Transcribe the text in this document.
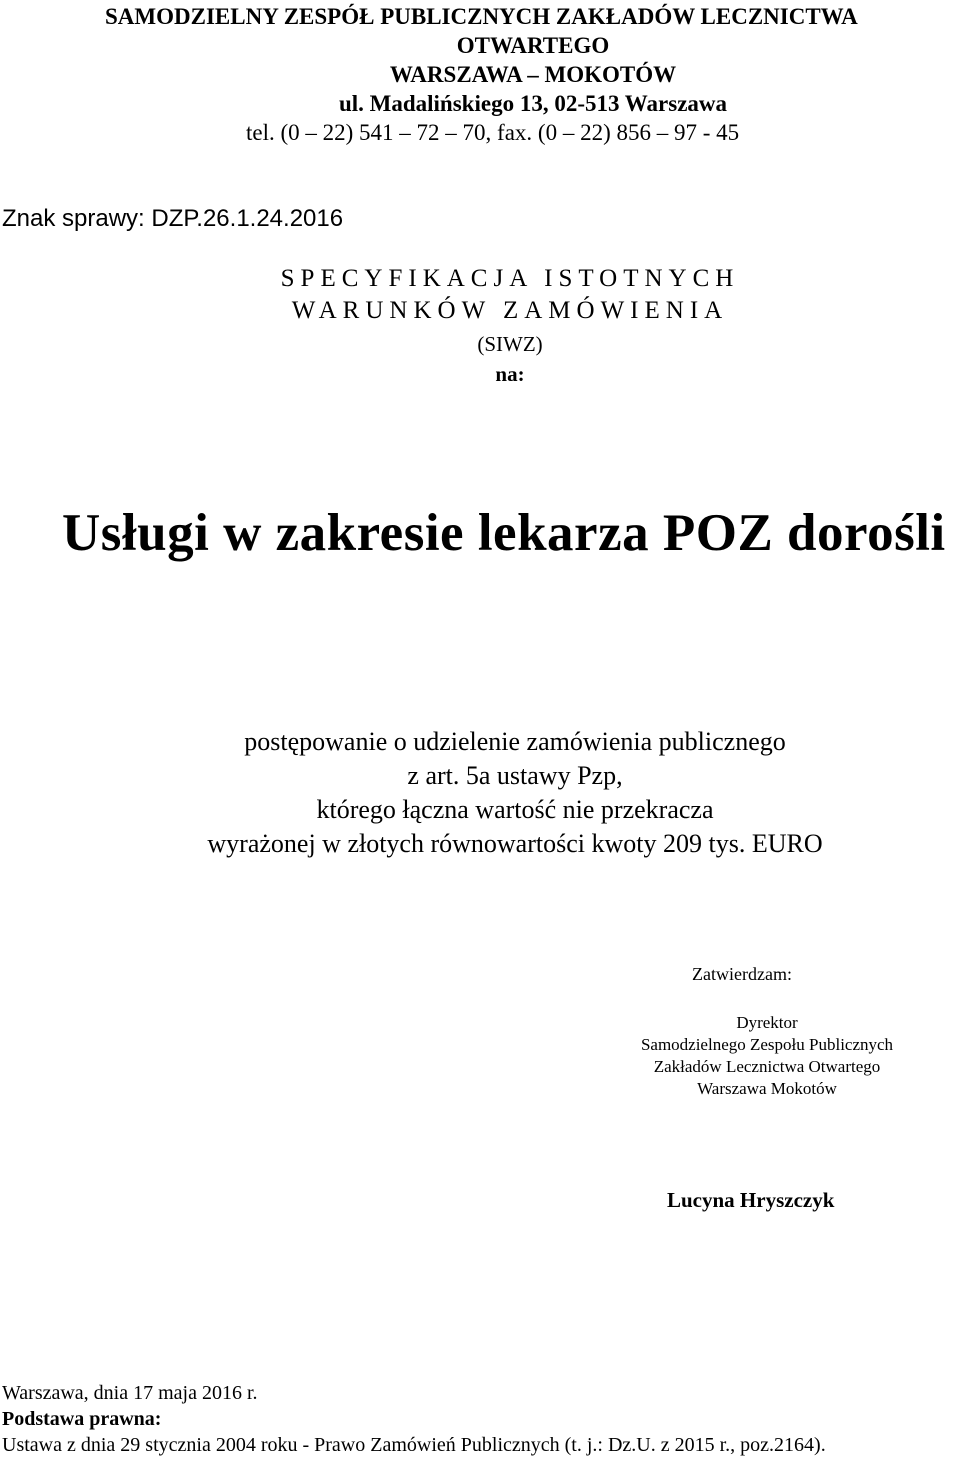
SAMODZIELNY ZESPÓŁ PUBLICZNYCH ZAKŁADÓW LECZNICTWA
OTWARTEGO
WARSZAWA – MOKOTÓW
ul. Madalińskiego 13, 02-513 Warszawa
tel. (0 – 22) 541 – 72 – 70, fax. (0 – 22) 856 – 97 - 45
Znak sprawy: DZP.26.1.24.2016
SPECYFIKACJA ISTOTNYCH
WARUNKÓW ZAMÓWIENIA
(SIWZ)
na:
Usługi w zakresie lekarza POZ dorośli
postępowanie o udzielenie zamówienia publicznego
z art. 5a ustawy Pzp,
którego łączna wartość nie przekracza
wyrażonej w złotych równowartości kwoty 209 tys. EURO
Zatwierdzam:
Dyrektor
Samodzielnego Zespołu Publicznych
Zakładów Lecznictwa Otwartego
Warszawa Mokotów
Lucyna Hryszczyk
Warszawa, dnia 17 maja 2016 r.
Podstawa prawna:
Ustawa z dnia 29 stycznia 2004 roku - Prawo Zamówień Publicznych (t. j.: Dz.U. z 2015 r., poz.2164).
